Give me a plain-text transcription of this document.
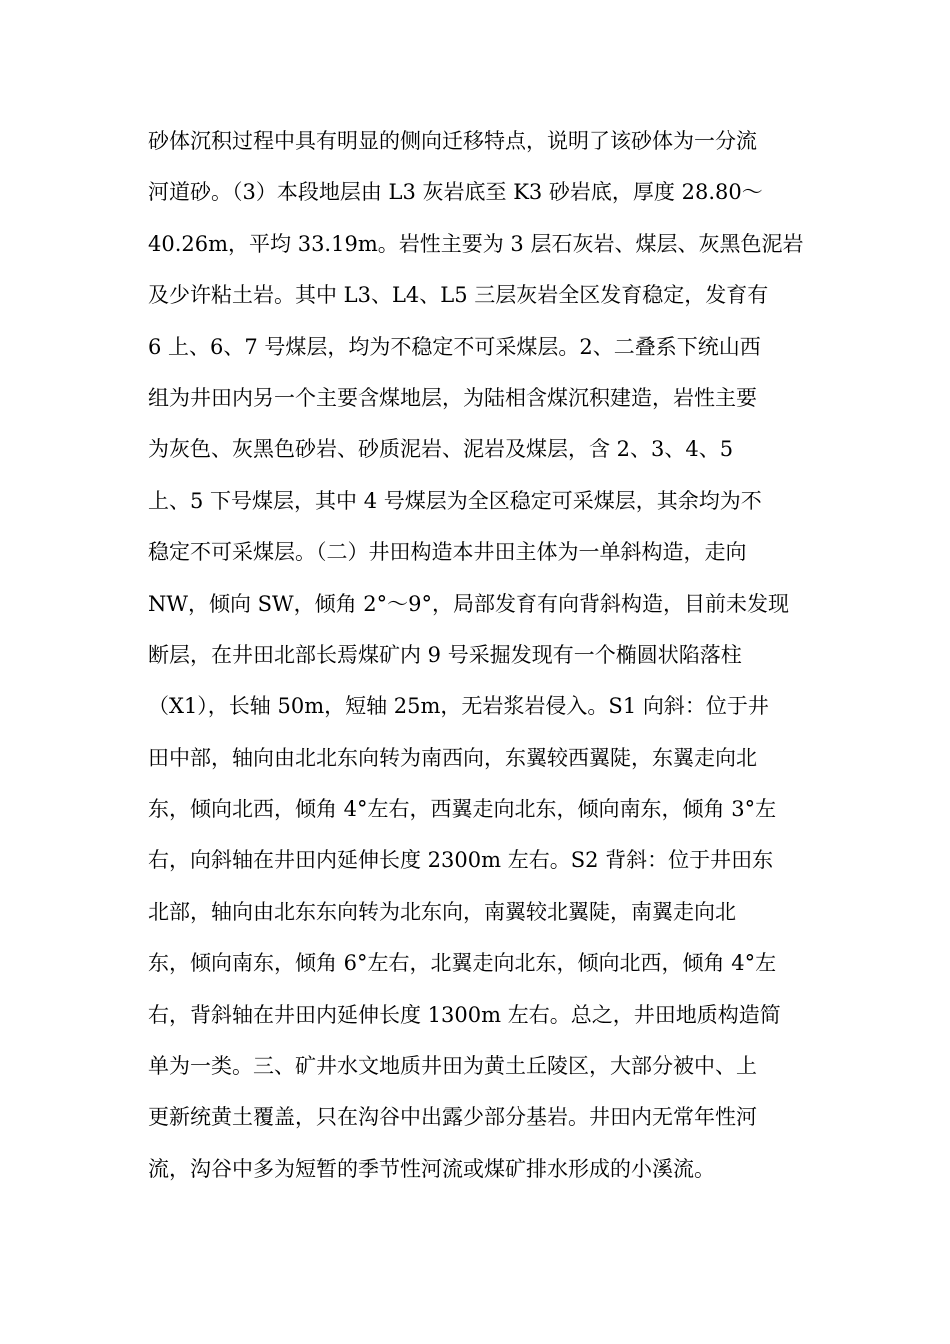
砂体沉积过程中具有明显的侧向迁移特点，说明了该砂体为一分流
河道砂。（3）本段地层由 L3 灰岩底至 K3 砂岩底，厚度 28.80～
40.26m，平均 33.19m。岩性主要为 3 层石灰岩、煤层、灰黑色泥岩
及少许粘土岩。其中 L3、L4、L5 三层灰岩全区发育稳定，发育有
6 上、6、7 号煤层，均为不稳定不可采煤层。2、二叠系下统山西
组为井田内另一个主要含煤地层，为陆相含煤沉积建造，岩性主要
为灰色、灰黑色砂岩、砂质泥岩、泥岩及煤层，含 2、3、4、5
上、5 下号煤层，其中 4 号煤层为全区稳定可采煤层，其余均为不
稳定不可采煤层。（二）井田构造本井田主体为一单斜构造，走向
NW，倾向 SW，倾角 2°～9°，局部发育有向背斜构造，目前未发现
断层，在井田北部长焉煤矿内 9 号采掘发现有一个椭圆状陷落柱
（X1），长轴 50m，短轴 25m，无岩浆岩侵入。S1 向斜：位于井
田中部，轴向由北北东向转为南西向，东翼较西翼陡，东翼走向北
东，倾向北西，倾角 4°左右，西翼走向北东，倾向南东，倾角 3°左
右，向斜轴在井田内延伸长度 2300m 左右。S2 背斜：位于井田东
北部，轴向由北东东向转为北东向，南翼较北翼陡，南翼走向北
东，倾向南东，倾角 6°左右，北翼走向北东，倾向北西，倾角 4°左
右，背斜轴在井田内延伸长度 1300m 左右。总之，井田地质构造简
单为一类。三、矿井水文地质井田为黄土丘陵区，大部分被中、上
更新统黄土覆盖，只在沟谷中出露少部分基岩。井田内无常年性河
流，沟谷中多为短暂的季节性河流或煤矿排水形成的小溪流。
